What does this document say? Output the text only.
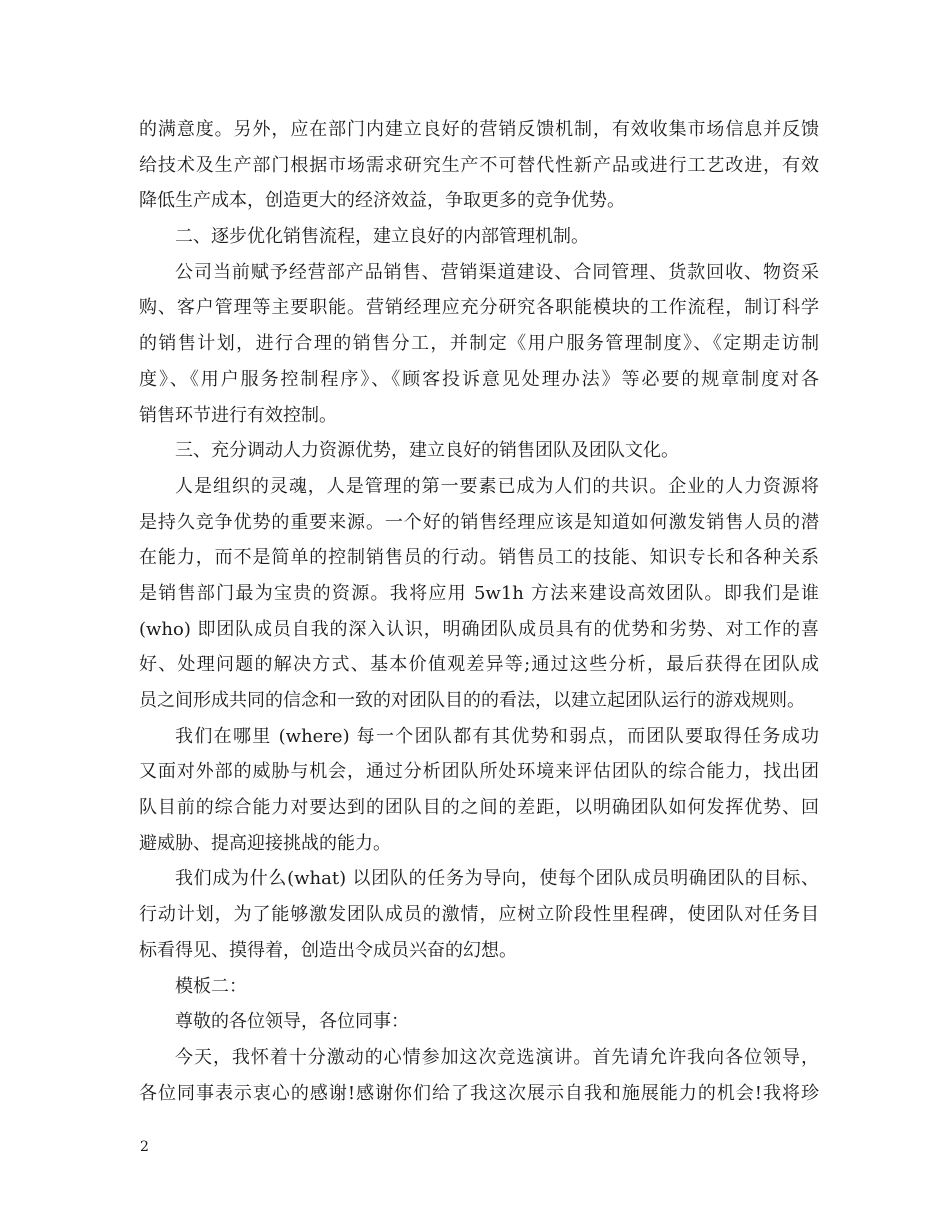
的满意度。另外，应在部门内建立良好的营销反馈机制，有效收集市场信息并反馈
给技术及生产部门根据市场需求研究生产不可替代性新产品或进行工艺改进，有效
降低生产成本，创造更大的经济效益，争取更多的竞争优势。
二、逐步优化销售流程，建立良好的内部管理机制。
公司当前赋予经营部产品销售、营销渠道建设、合同管理、货款回收、物资采
购、客户管理等主要职能。营销经理应充分研究各职能模块的工作流程，制订科学
的销售计划，进行合理的销售分工，并制定《用户服务管理制度》、《定期走访制
度》、《用户服务控制程序》、《顾客投诉意见处理办法》等必要的规章制度对各
销售环节进行有效控制。
三、充分调动人力资源优势，建立良好的销售团队及团队文化。
人是组织的灵魂，人是管理的第一要素已成为人们的共识。企业的人力资源将
是持久竞争优势的重要来源。一个好的销售经理应该是知道如何激发销售人员的潜
在能力，而不是简单的控制销售员的行动。销售员工的技能、知识专长和各种关系
是销售部门最为宝贵的资源。我将应用 5w1h 方法来建设高效团队。即我们是谁
(who) 即团队成员自我的深入认识，明确团队成员具有的优势和劣势、对工作的喜
好、处理问题的解决方式、基本价值观差异等;通过这些分析，最后获得在团队成
员之间形成共同的信念和一致的对团队目的的看法，以建立起团队运行的游戏规则。
我们在哪里 (where) 每一个团队都有其优势和弱点，而团队要取得任务成功
又面对外部的威胁与机会，通过分析团队所处环境来评估团队的综合能力，找出团
队目前的综合能力对要达到的团队目的之间的差距，以明确团队如何发挥优势、回
避威胁、提高迎接挑战的能力。
我们成为什么(what) 以团队的任务为导向，使每个团队成员明确团队的目标、
行动计划，为了能够激发团队成员的激情，应树立阶段性里程碑，使团队对任务目
标看得见、摸得着，创造出令成员兴奋的幻想。
模板二：
尊敬的各位领导，各位同事：
今天，我怀着十分激动的心情参加这次竞选演讲。首先请允许我向各位领导，
各位同事表示衷心的感谢!感谢你们给了我这次展示自我和施展能力的机会!我将珍
2
